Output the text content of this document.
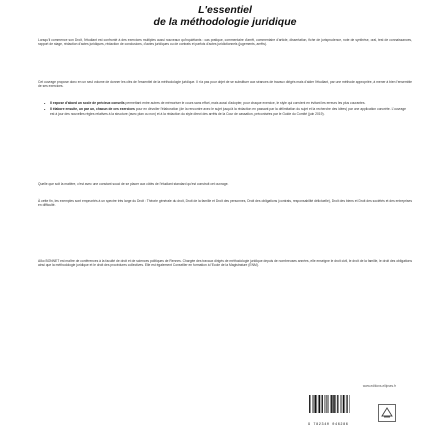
L'essentiel
de la méthodologie juridique

Lorsqu'il commence son Droit, l'étudiant est confronté à des exercices multiples aussi nouveaux qu'inquiétants : cas pratique, commentaire d'arrêt, commentaire d'article, dissertation, fiche de jurisprudence, note de synthèse, oral, test de connaissances, rapport de stage, rédaction d'actes juridiques, rédaction de conclusions, d'actes juridiques ou de contrats et parfois d'actes juridictionnels (jugements, arrêts).

Cet ouvrage propose donc en un seul volume de donner les clés de l'essentiel de la méthodologie juridique. Il n'a pas pour objet de se substituer aux séances de travaux dirigés mais d'aider l'étudiant, par une méthode appropriée, à mener à bien l'ensemble de ses exercices.

• Il expose d'abord un socle de précieux conseils permettant entre autres de mémoriser le cours sans effort, mais aussi d'adopter, pour chaque exercice, le style qui convient en évitant les erreurs les plus courantes.

• Il élabore ensuite, un par un, chacun de ces exercices pour en dévoiler l'élaboration (de la rencontre avec le sujet jusqu'à la rédaction en passant par la délimitation du sujet et la recherche des idées) par une application concrète. L'ouvrage est à jour des nouvelles règles relatives à la structure (avec plan ou non) et à la rédaction du style direct des arrêts de la Cour de cassation, préconisées par le Guide du Comité (juin 2019).

Quelle que soit la matière, c'est avec une constant souci de se placer aux côtés de l'étudiant standard qu'est construit cet ouvrage.

À cette fin, les exemples sont empruntés à un spectre très large du Droit : Théorie générale du droit, Droit de la famille et Droit des personnes, Droit des obligations (contrats, responsabilité délictuelle), Droit des biens et Droit des sociétés et des entreprises en difficulté.

Aïko BONNET est maître de conférences à la faculté de droit et de sciences politiques de Rennes. Chargée des travaux dirigés de méthodologie juridique depuis de nombreuses années, elle enseigne le droit civil, le droit de la famille, le droit des obligations ainsi que la méthodologie juridique et le droit des procédures collectives. Elle est également Conseiller en formation à l'Ecole de la Magistrature (ENM).

www.editions-ellipses.fr
9 782340 046286
